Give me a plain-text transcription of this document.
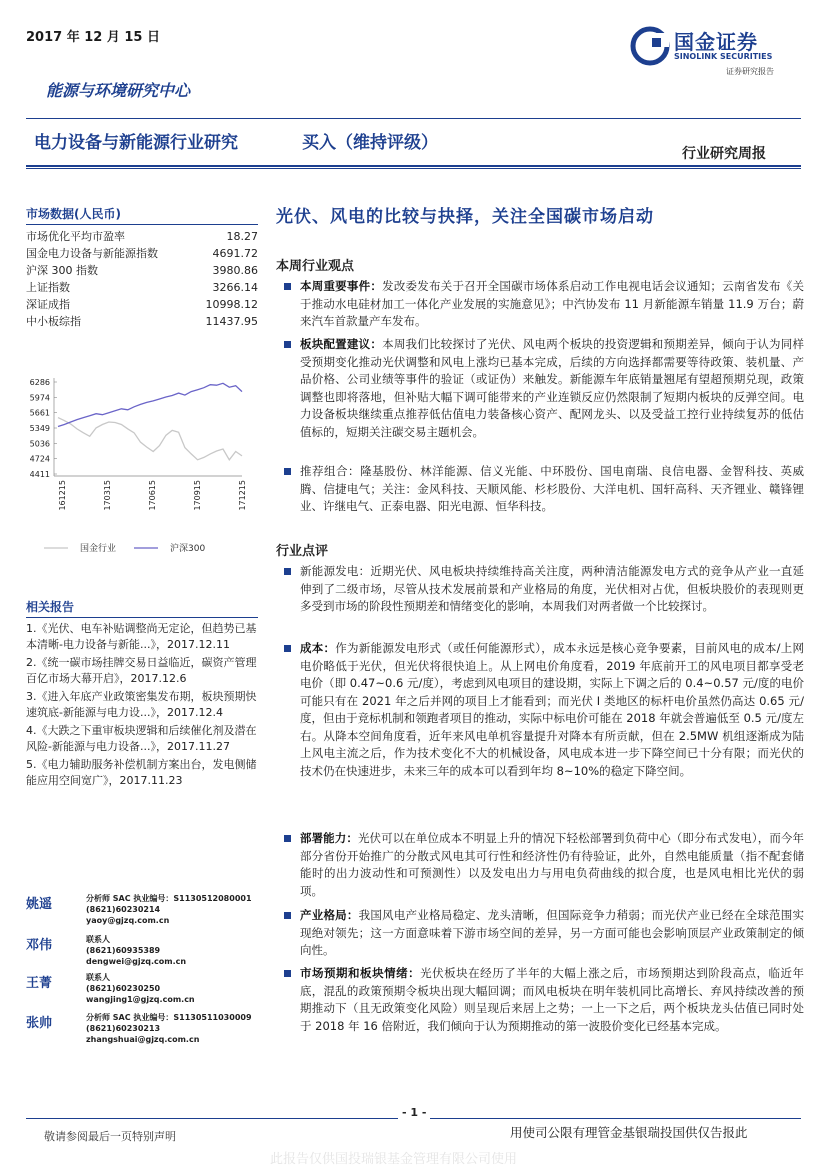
2017 年 12 月 15 日	国金证券
SINOLINK SECURITIES
证券研究报告
能源与环境研究中心
电力设备与新能源行业研究	买入（维持评级）
行业研究周报
市场数据(人民币)
市场优化平均市盈率	18.27
国金电力设备与新能源指数	4691.72
沪深 300 指数	3980.86
上证指数	3266.14
深证成指	10998.12
中小板综指	11437.95
6286
5974
5661
5349
5036
4724
4411
161215	170315	170615	170915	171215
国金行业	沪深300
相关报告
1.《光伏、电车补贴调整尚无定论，但趋势已基本清晰-电力设备与新能...》，2017.12.11
2.《统一碳市场挂牌交易日益临近，碳资产管理百亿市场大幕开启》，2017.12.6
3.《进入年底产业政策密集发布期，板块预期快速筑底-新能源与电力设...》，2017.12.4
4.《大跌之下重审板块逻辑和后续催化剂及潜在风险-新能源与电力设备...》，2017.11.27
5.《电力辅助服务补偿机制方案出台，发电侧储能应用空间宽广》，2017.11.23
姚遥	分析师 SAC 执业编号：S1130512080001
(8621)60230214
yaoy@gjzq.com.cn
邓伟	联系人
(8621)60935389
dengwei@gjzq.com.cn
王菁	联系人
(8621)60230250
wangjing1@gjzq.com.cn
张帅	分析师 SAC 执业编号：S1130511030009
(8621)60230213
zhangshuai@gjzq.com.cn
光伏、风电的比较与抉择，关注全国碳市场启动
本周行业观点

本周重要事件：发改委发布关于召开全国碳市场体系启动工作电视电话会议通知；云南省发布《关于推动水电硅材加工一体化产业发展的实施意见》；中汽协发布 11 月新能源车销量 11.9 万台；蔚来汽车首款量产车发布。

板块配置建议：本周我们比较探讨了光伏、风电两个板块的投资逻辑和预期差异，倾向于认为同样受预期变化推动光伏调整和风电上涨均已基本完成，后续的方向选择都需要等待政策、装机量、产品价格、公司业绩等事件的验证（或证伪）来触发。新能源车年底销量翘尾有望超预期兑现，政策调整也即将落地，但补贴大幅下调可能带来的产业连锁反应仍然限制了短期内板块的反弹空间。电力设备板块继续重点推荐低估值电力装备核心资产、配网龙头、以及受益工控行业持续复苏的低估值标的，短期关注碳交易主题机会。

推荐组合：隆基股份、林洋能源、信义光能、中环股份、国电南瑞、良信电器、金智科技、英威腾、信捷电气；关注：金风科技、天顺风能、杉杉股份、大洋电机、国轩高科、天齐锂业、赣锋锂业、许继电气、正泰电器、阳光电源、恒华科技。

行业点评

新能源发电：近期光伏、风电板块持续维持高关注度，两种清洁能源发电方式的竞争从产业一直延伸到了二级市场，尽管从技术发展前景和产业格局的角度，光伏相对占优，但板块股价的表现则更多受到市场的阶段性预期差和情绪变化的影响，本周我们对两者做一个比较探讨。

成本：作为新能源发电形式（或任何能源形式），成本永远是核心竞争要素，目前风电的成本/上网电价略低于光伏，但光伏将很快追上。从上网电价角度看，2019 年底前开工的风电项目都享受老电价（即 0.47~0.6 元/度），考虑到风电项目的建设期，实际上下调之后的 0.4~0.57 元/度的电价可能只有在 2021 年之后并网的项目上才能看到；而光伏 I 类地区的标杆电价虽然仍高达 0.65 元/度，但由于竞标机制和领跑者项目的推动，实际中标电价可能在 2018 年就会普遍低至 0.5 元/度左右。从降本空间角度看，近年来风电单机容量提升对降本有所贡献，但在 2.5MW 机组逐渐成为陆上风电主流之后，作为技术变化不大的机械设备，风电成本进一步下降空间已十分有限；而光伏的技术仍在快速进步，未来三年的成本可以看到年均 8~10%的稳定下降空间。

部署能力：光伏可以在单位成本不明显上升的情况下轻松部署到负荷中心（即分布式发电），而今年部分省份开始推广的分散式风电其可行性和经济性仍有待验证，此外，自然电能质量（指不配套储能时的出力波动性和可预测性）以及发电出力与用电负荷曲线的拟合度，也是风电相比光伏的弱项。

产业格局：我国风电产业格局稳定、龙头清晰，但国际竞争力稍弱；而光伏产业已经在全球范围实现绝对领先；这一方面意味着下游市场空间的差异，另一方面可能也会影响顶层产业政策制定的倾向性。

市场预期和板块情绪：光伏板块在经历了半年的大幅上涨之后，市场预期达到阶段高点，临近年底，混乱的政策预期令板块出现大幅回调；而风电板块在明年装机同比高增长、弃风持续改善的预期推动下（且无政策变化风险）则呈现后来居上之势；一上一下之后，两个板块龙头估值已同时处于 2018 年 16 倍附近，我们倾向于认为预期推动的第一波股价变化已经基本完成。

- 1 -
敬请参阅最后一页特别声明	用使司公限有理管金基银瑞投国供仅告报此
此报告仅供国投瑞银基金管理有限公司使用
